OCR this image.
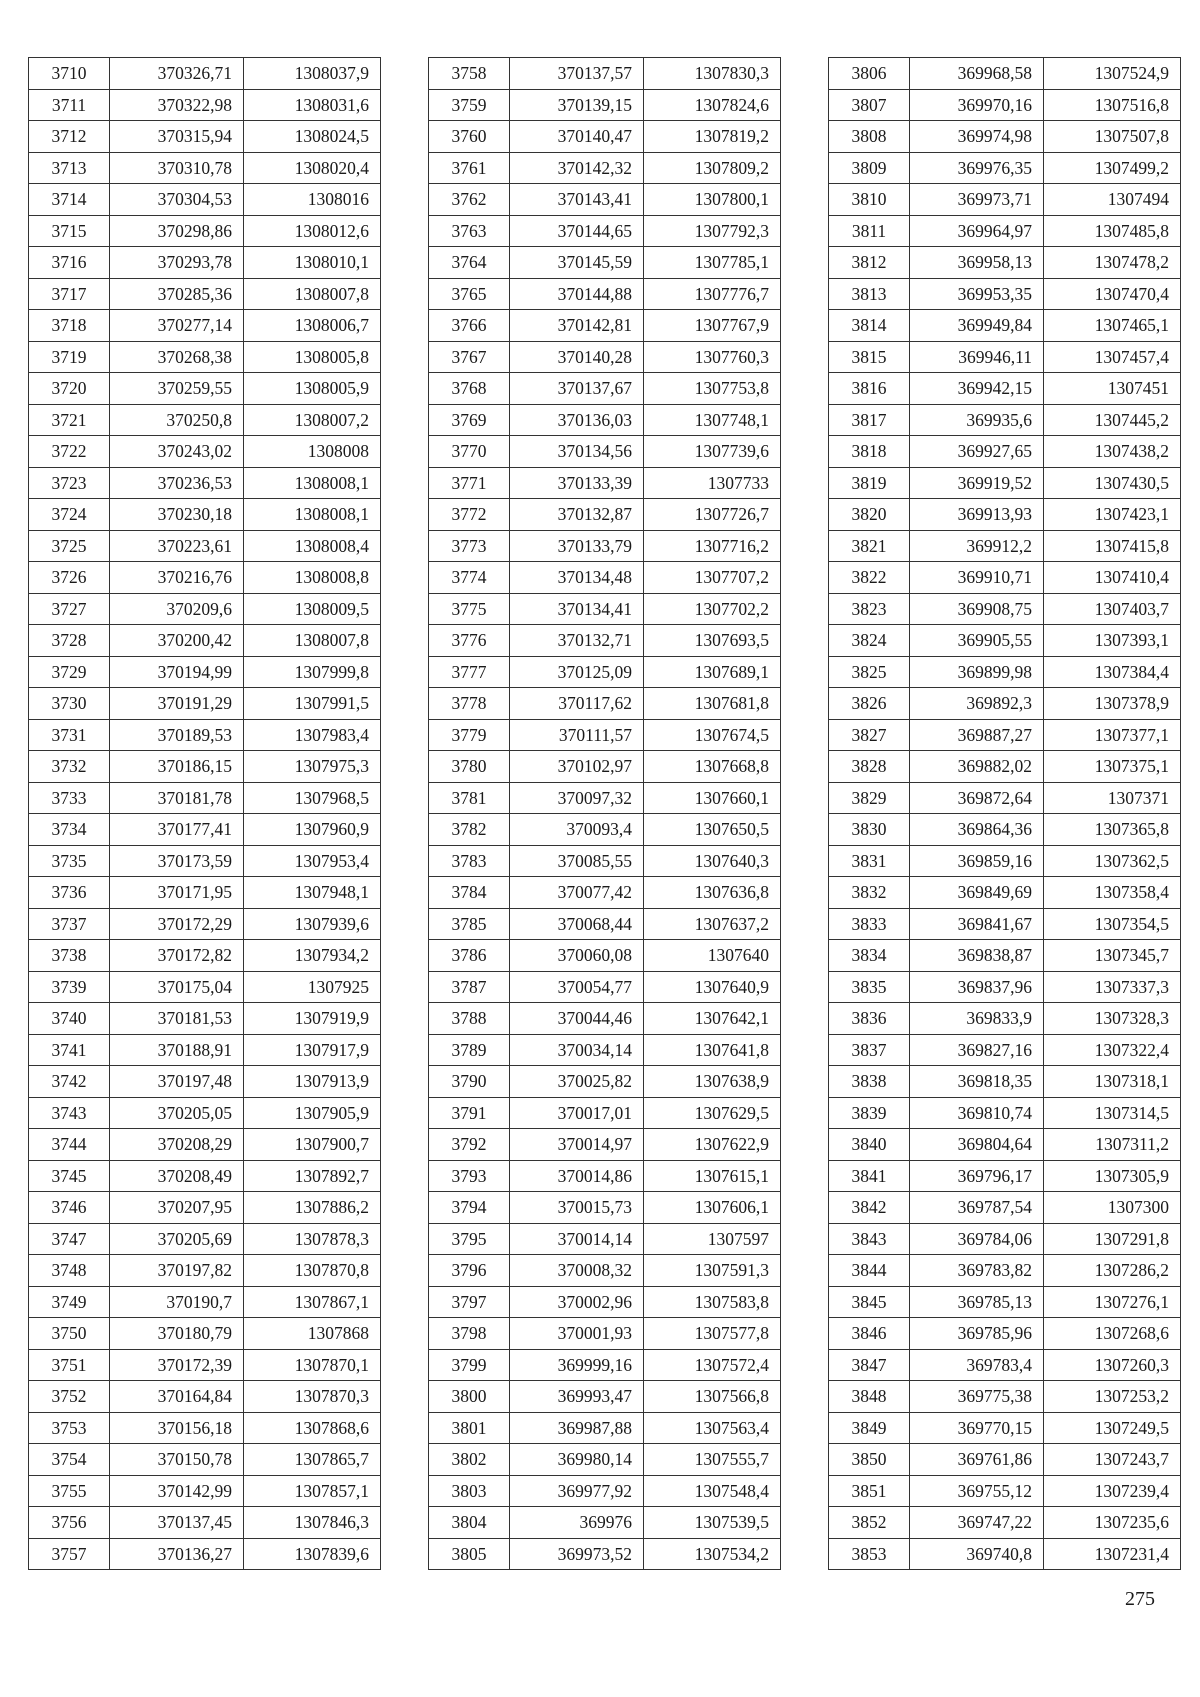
3710	370326,71	1308037,9
3711	370322,98	1308031,6
3712	370315,94	1308024,5
3713	370310,78	1308020,4
3714	370304,53	1308016
3715	370298,86	1308012,6
3716	370293,78	1308010,1
3717	370285,36	1308007,8
3718	370277,14	1308006,7
3719	370268,38	1308005,8
3720	370259,55	1308005,9
3721	370250,8	1308007,2
3722	370243,02	1308008
3723	370236,53	1308008,1
3724	370230,18	1308008,1
3725	370223,61	1308008,4
3726	370216,76	1308008,8
3727	370209,6	1308009,5
3728	370200,42	1308007,8
3729	370194,99	1307999,8
3730	370191,29	1307991,5
3731	370189,53	1307983,4
3732	370186,15	1307975,3
3733	370181,78	1307968,5
3734	370177,41	1307960,9
3735	370173,59	1307953,4
3736	370171,95	1307948,1
3737	370172,29	1307939,6
3738	370172,82	1307934,2
3739	370175,04	1307925
3740	370181,53	1307919,9
3741	370188,91	1307917,9
3742	370197,48	1307913,9
3743	370205,05	1307905,9
3744	370208,29	1307900,7
3745	370208,49	1307892,7
3746	370207,95	1307886,2
3747	370205,69	1307878,3
3748	370197,82	1307870,8
3749	370190,7	1307867,1
3750	370180,79	1307868
3751	370172,39	1307870,1
3752	370164,84	1307870,3
3753	370156,18	1307868,6
3754	370150,78	1307865,7
3755	370142,99	1307857,1
3756	370137,45	1307846,3
3757	370136,27	1307839,6
3758	370137,57	1307830,3
3759	370139,15	1307824,6
3760	370140,47	1307819,2
3761	370142,32	1307809,2
3762	370143,41	1307800,1
3763	370144,65	1307792,3
3764	370145,59	1307785,1
3765	370144,88	1307776,7
3766	370142,81	1307767,9
3767	370140,28	1307760,3
3768	370137,67	1307753,8
3769	370136,03	1307748,1
3770	370134,56	1307739,6
3771	370133,39	1307733
3772	370132,87	1307726,7
3773	370133,79	1307716,2
3774	370134,48	1307707,2
3775	370134,41	1307702,2
3776	370132,71	1307693,5
3777	370125,09	1307689,1
3778	370117,62	1307681,8
3779	370111,57	1307674,5
3780	370102,97	1307668,8
3781	370097,32	1307660,1
3782	370093,4	1307650,5
3783	370085,55	1307640,3
3784	370077,42	1307636,8
3785	370068,44	1307637,2
3786	370060,08	1307640
3787	370054,77	1307640,9
3788	370044,46	1307642,1
3789	370034,14	1307641,8
3790	370025,82	1307638,9
3791	370017,01	1307629,5
3792	370014,97	1307622,9
3793	370014,86	1307615,1
3794	370015,73	1307606,1
3795	370014,14	1307597
3796	370008,32	1307591,3
3797	370002,96	1307583,8
3798	370001,93	1307577,8
3799	369999,16	1307572,4
3800	369993,47	1307566,8
3801	369987,88	1307563,4
3802	369980,14	1307555,7
3803	369977,92	1307548,4
3804	369976	1307539,5
3805	369973,52	1307534,2
3806	369968,58	1307524,9
3807	369970,16	1307516,8
3808	369974,98	1307507,8
3809	369976,35	1307499,2
3810	369973,71	1307494
3811	369964,97	1307485,8
3812	369958,13	1307478,2
3813	369953,35	1307470,4
3814	369949,84	1307465,1
3815	369946,11	1307457,4
3816	369942,15	1307451
3817	369935,6	1307445,2
3818	369927,65	1307438,2
3819	369919,52	1307430,5
3820	369913,93	1307423,1
3821	369912,2	1307415,8
3822	369910,71	1307410,4
3823	369908,75	1307403,7
3824	369905,55	1307393,1
3825	369899,98	1307384,4
3826	369892,3	1307378,9
3827	369887,27	1307377,1
3828	369882,02	1307375,1
3829	369872,64	1307371
3830	369864,36	1307365,8
3831	369859,16	1307362,5
3832	369849,69	1307358,4
3833	369841,67	1307354,5
3834	369838,87	1307345,7
3835	369837,96	1307337,3
3836	369833,9	1307328,3
3837	369827,16	1307322,4
3838	369818,35	1307318,1
3839	369810,74	1307314,5
3840	369804,64	1307311,2
3841	369796,17	1307305,9
3842	369787,54	1307300
3843	369784,06	1307291,8
3844	369783,82	1307286,2
3845	369785,13	1307276,1
3846	369785,96	1307268,6
3847	369783,4	1307260,3
3848	369775,38	1307253,2
3849	369770,15	1307249,5
3850	369761,86	1307243,7
3851	369755,12	1307239,4
3852	369747,22	1307235,6
3853	369740,8	1307231,4
275
